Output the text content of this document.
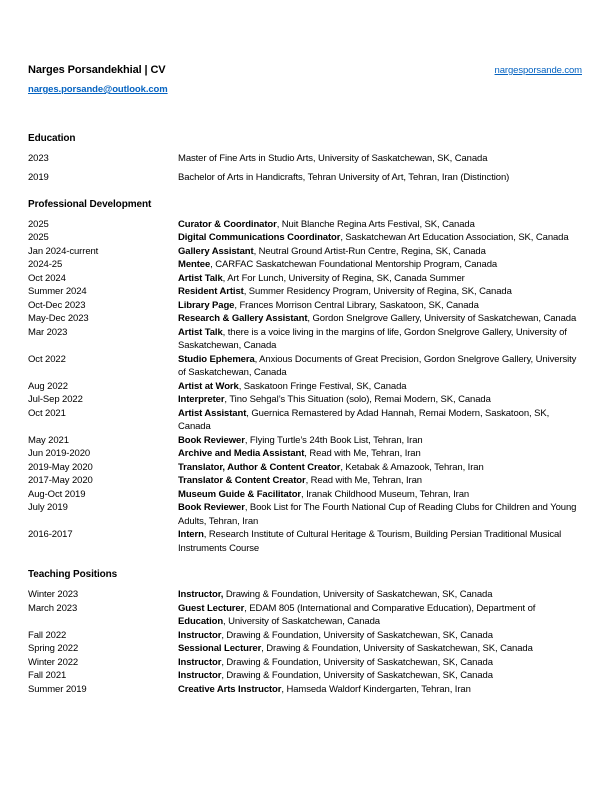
Narges Porsandekhial | CV	nargesporsande.com
narges.porsande@outlook.com
Education
2023	Master of Fine Arts in Studio Arts, University of Saskatchewan, SK, Canada
2019	Bachelor of Arts in Handicrafts, Tehran University of Art, Tehran, Iran (Distinction)
Professional Development
2025	Curator & Coordinator, Nuit Blanche Regina Arts Festival, SK, Canada
2025	Digital Communications Coordinator, Saskatchewan Art Education Association, SK, Canada
Jan 2024-current	Gallery Assistant, Neutral Ground Artist-Run Centre, Regina, SK, Canada
2024-25	Mentee, CARFAC Saskatchewan Foundational Mentorship Program, Canada
Oct 2024	Artist Talk, Art For Lunch, University of Regina, SK, Canada Summer
Summer 2024	Resident Artist, Summer Residency Program, University of Regina, SK, Canada
Oct-Dec 2023	Library Page, Frances Morrison Central Library, Saskatoon, SK, Canada
May-Dec 2023	Research & Gallery Assistant, Gordon Snelgrove Gallery, University of Saskatchewan, Canada
Mar 2023	Artist Talk, there is a voice living in the margins of life, Gordon Snelgrove Gallery, University of Saskatchewan, Canada
Oct 2022	Studio Ephemera, Anxious Documents of Great Precision, Gordon Snelgrove Gallery, University of Saskatchewan, Canada
Aug 2022	Artist at Work, Saskatoon Fringe Festival, SK, Canada
Jul-Sep 2022	Interpreter, Tino Sehgal’s This Situation (solo), Remai Modern, SK, Canada
Oct 2021	Artist Assistant, Guernica Remastered by Adad Hannah, Remai Modern, Saskatoon, SK, Canada
May 2021	Book Reviewer, Flying Turtle’s 24th Book List, Tehran, Iran
Jun 2019-2020	Archive and Media Assistant, Read with Me, Tehran, Iran
2019-May 2020	Translator, Author & Content Creator, Ketabak & Amazook, Tehran, Iran
2017-May 2020	Translator & Content Creator, Read with Me, Tehran, Iran
Aug-Oct 2019	Museum Guide & Facilitator, Iranak Childhood Museum, Tehran, Iran
July 2019	Book Reviewer, Book List for The Fourth National Cup of Reading Clubs for Children and Young Adults, Tehran, Iran
2016-2017	Intern, Research Institute of Cultural Heritage & Tourism, Building Persian Traditional Musical Instruments Course
Teaching Positions
Winter 2023	Instructor, Drawing & Foundation, University of Saskatchewan, SK, Canada
March 2023	Guest Lecturer, EDAM 805 (International and Comparative Education), Department of Education, University of Saskatchewan, Canada
Fall 2022	Instructor, Drawing & Foundation, University of Saskatchewan, SK, Canada
Spring 2022	Sessional Lecturer, Drawing & Foundation, University of Saskatchewan, SK, Canada
Winter 2022	Instructor, Drawing & Foundation, University of Saskatchewan, SK, Canada
Fall 2021	Instructor, Drawing & Foundation, University of Saskatchewan, SK, Canada
Summer 2019	Creative Arts Instructor, Hamseda Waldorf Kindergarten, Tehran, Iran
